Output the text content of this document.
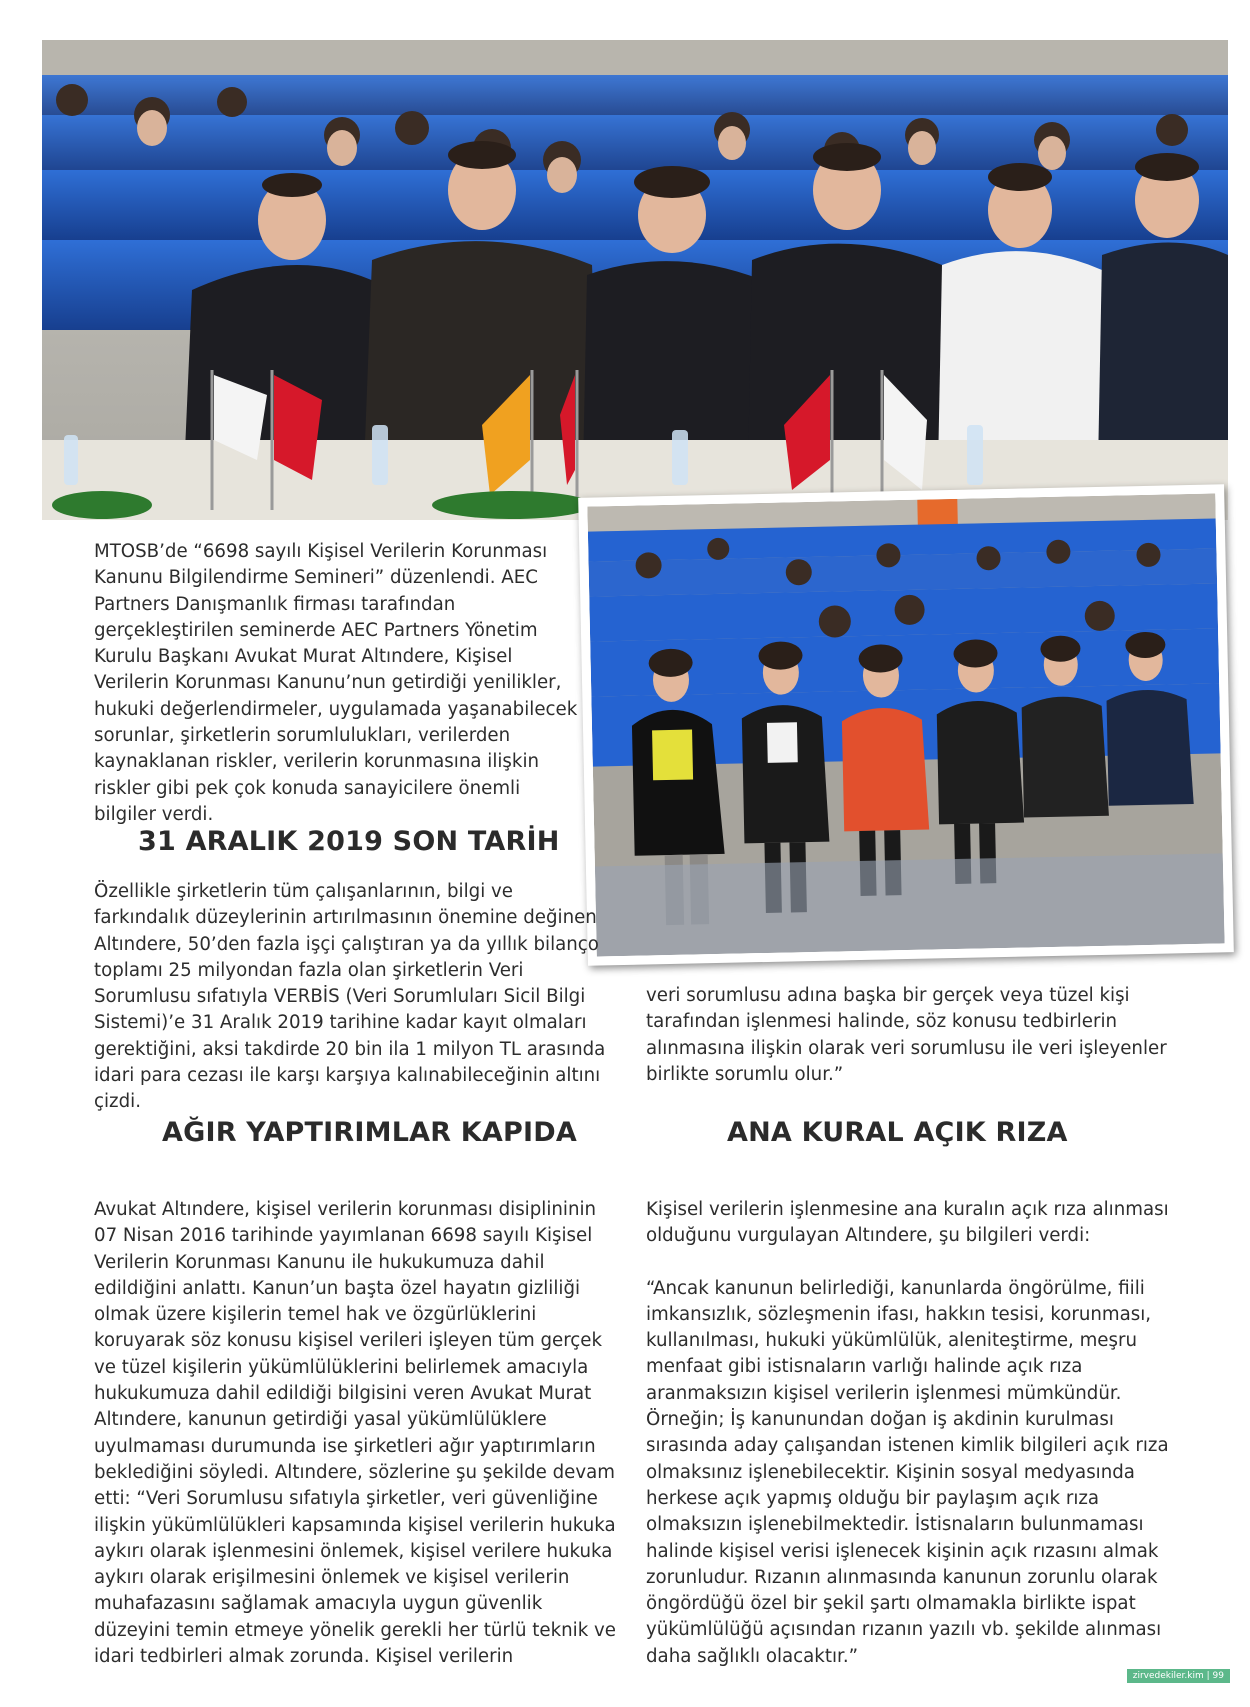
MTOSB’de “6698 sayılı Kişisel Verilerin Korunması Kanunu Bilgilendirme Semineri” düzenlendi. AEC Partners Danışmanlık firması tarafından gerçekleştirilen seminerde AEC Partners Yönetim Kurulu Başkanı Avukat Murat Altındere, Kişisel Verilerin Korunması Kanunu’nun getirdiği yenilikler, hukuki değerlendirmeler, uygulamada yaşanabilecek sorunlar, şirketlerin sorumlulukları, verilerden kaynaklanan riskler, verilerin korunmasına ilişkin riskler gibi pek çok konuda sanayicilere önemli bilgiler verdi.

31 ARALIK 2019 SON TARİH

Özellikle şirketlerin tüm çalışanlarının, bilgi ve farkındalık düzeylerinin artırılmasının önemine değinen Altındere, 50’den fazla işçi çalıştıran ya da yıllık bilanço toplamı 25 milyondan fazla olan şirketlerin Veri Sorumlusu sıfatıyla VERBİS (Veri Sorumluları Sicil Bilgi Sistemi)’e 31 Aralık 2019 tarihine kadar kayıt olmaları gerektiğini, aksi takdirde 20 bin ila 1 milyon TL arasında idari para cezası ile karşı karşıya kalınabileceğinin altını çizdi.

AĞIR YAPTIRIMLAR KAPIDA	ANA KURAL AÇIK RIZA

Avukat Altındere, kişisel verilerin korunması disiplininin 07 Nisan 2016 tarihinde yayımlanan 6698 sayılı Kişisel Verilerin Korunması Kanunu ile hukukumuza dahil edildiğini anlattı. Kanun’un başta özel hayatın gizliliği olmak üzere kişilerin temel hak ve özgürlüklerini koruyarak söz konusu kişisel verileri işleyen tüm gerçek ve tüzel kişilerin yükümlülüklerini belirlemek amacıyla hukukumuza dahil edildiği bilgisini veren Avukat Murat Altındere, kanunun getirdiği yasal yükümlülüklere uyulmaması durumunda ise şirketleri ağır yaptırımların beklediğini söyledi. Altındere, sözlerine şu şekilde devam etti: “Veri Sorumlusu sıfatıyla şirketler, veri güvenliğine ilişkin yükümlülükleri kapsamında kişisel verilerin hukuka aykırı olarak işlenmesini önlemek, kişisel verilere hukuka aykırı olarak erişilmesini önlemek ve kişisel verilerin muhafazasını sağlamak amacıyla uygun güvenlik düzeyini temin etmeye yönelik gerekli her türlü teknik ve idari tedbirleri almak zorunda. Kişisel verilerin

veri sorumlusu adına başka bir gerçek veya tüzel kişi tarafından işlenmesi halinde, söz konusu tedbirlerin alınmasına ilişkin olarak veri sorumlusu ile veri işleyenler birlikte sorumlu olur.”

Kişisel verilerin işlenmesine ana kuralın açık rıza alınması olduğunu vurgulayan Altındere, şu bilgileri verdi:

“Ancak kanunun belirlediği, kanunlarda öngörülme, fiili imkansızlık, sözleşmenin ifası, hakkın tesisi, korunması, kullanılması, hukuki yükümlülük, aleniteştirme, meşru menfaat gibi istisnaların varlığı halinde açık rıza aranmaksızın kişisel verilerin işlenmesi mümkündür. Örneğin; İş kanunundan doğan iş akdinin kurulması sırasında aday çalışandan istenen kimlik bilgileri açık rıza olmaksınız işlenebilecektir. Kişinin sosyal medyasında herkese açık yapmış olduğu bir paylaşım açık rıza olmaksızın işlenebilmektedir. İstisnaların bulunmaması halinde kişisel verisi işlenecek kişinin açık rızasını almak zorunludur. Rızanın alınmasında kanunun zorunlu olarak öngördüğü özel bir şekil şartı olmamakla birlikte ispat yükümlülüğü açısından rızanın yazılı vb. şekilde alınması daha sağlıklı olacaktır.”

zirvedekiler.kim | 99
